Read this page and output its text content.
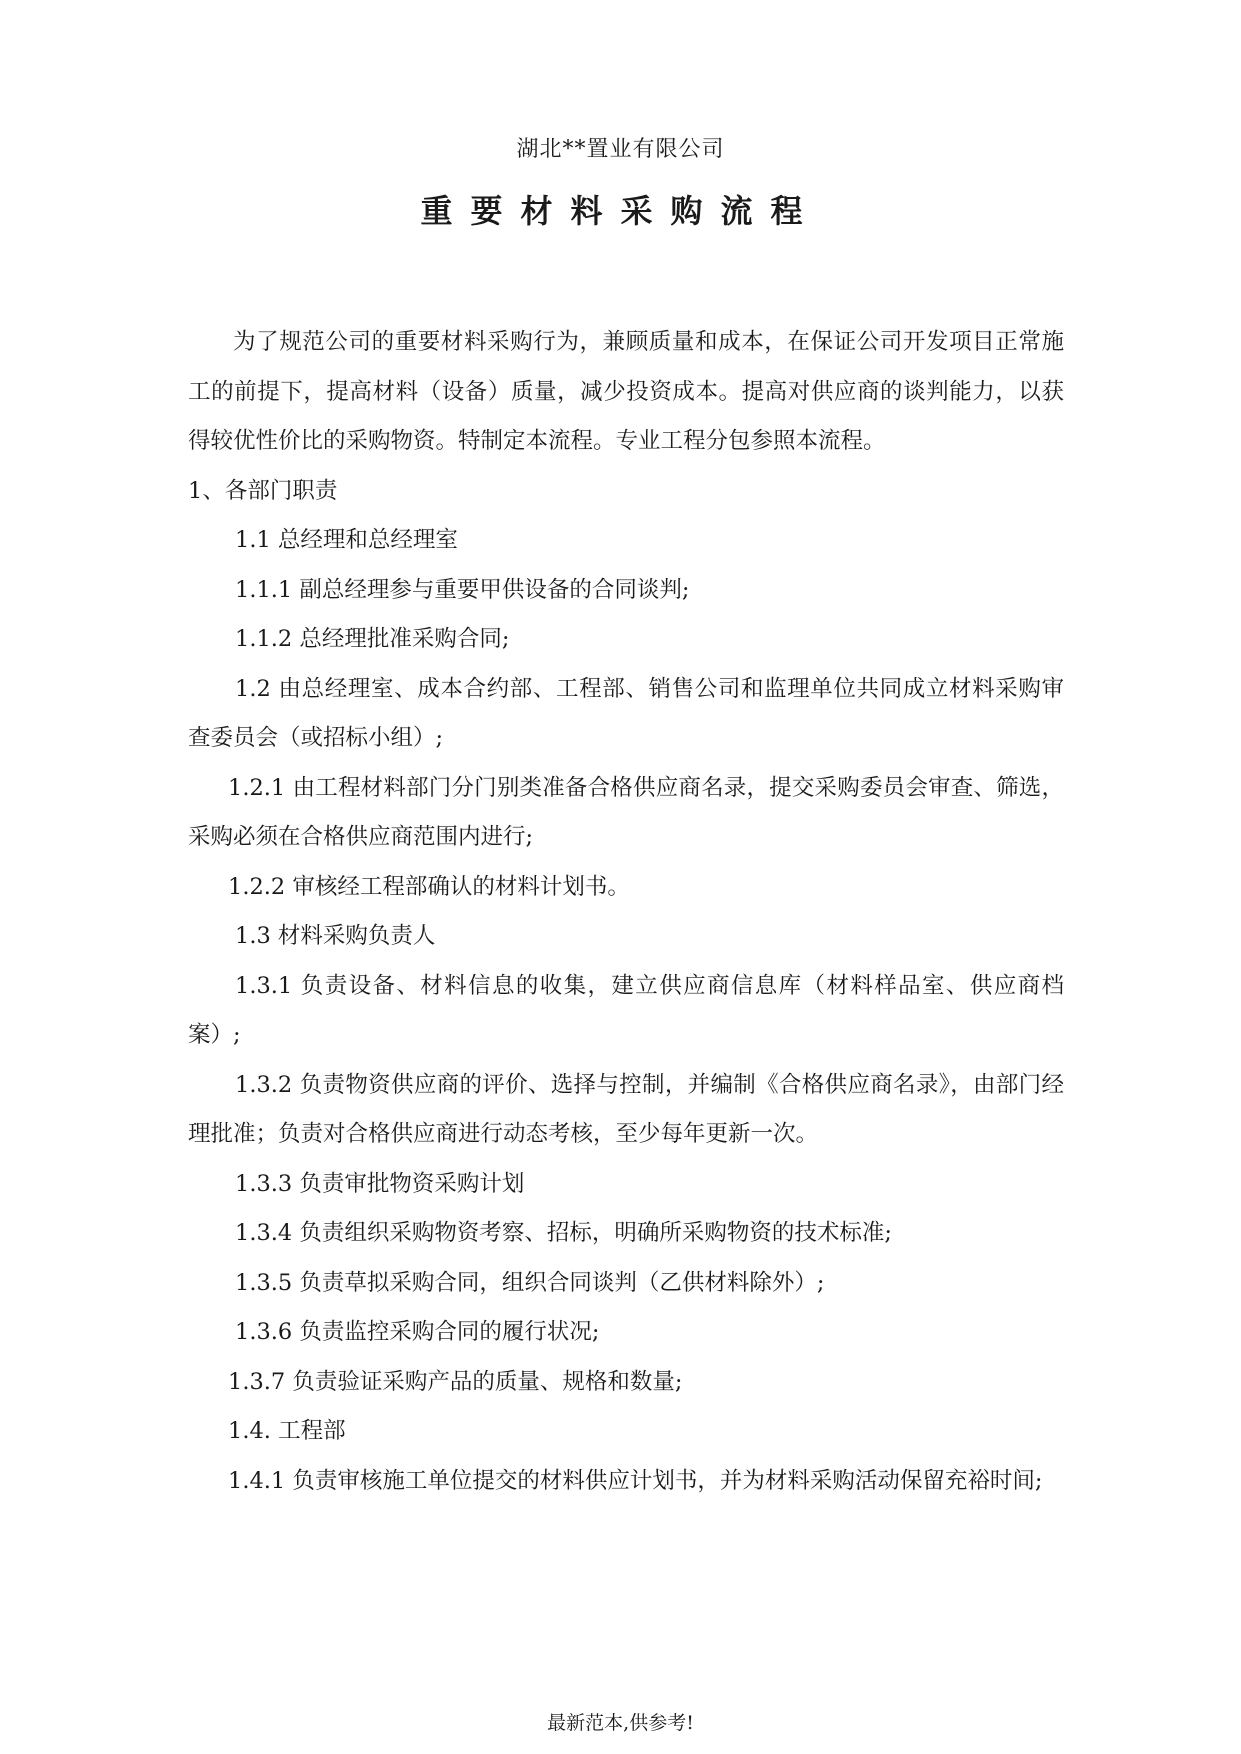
湖北**置业有限公司
重要材料采购流程

为了规范公司的重要材料采购行为，兼顾质量和成本，在保证公司开发项目正常施工的前提下，提高材料（设备）质量，减少投资成本。提高对供应商的谈判能力，以获得较优性价比的采购物资。特制定本流程。专业工程分包参照本流程。

1、各部门职责

1.1 总经理和总经理室

1.1.1 副总经理参与重要甲供设备的合同谈判;

1.1.2 总经理批准采购合同;

1.2 由总经理室、成本合约部、工程部、销售公司和监理单位共同成立材料采购审查委员会（或招标小组）;

1.2.1 由工程材料部门分门别类准备合格供应商名录，提交采购委员会审查、筛选，采购必须在合格供应商范围内进行;

1.2.2 审核经工程部确认的材料计划书。

1.3 材料采购负责人

1.3.1 负责设备、材料信息的收集，建立供应商信息库（材料样品室、供应商档案）;

1.3.2 负责物资供应商的评价、选择与控制，并编制《合格供应商名录》，由部门经理批准；负责对合格供应商进行动态考核，至少每年更新一次。

1.3.3 负责审批物资采购计划

1.3.4 负责组织采购物资考察、招标，明确所采购物资的技术标准;

1.3.5 负责草拟采购合同，组织合同谈判（乙供材料除外）;

1.3.6 负责监控采购合同的履行状况;

1.3.7 负责验证采购产品的质量、规格和数量;

1.4. 工程部

1.4.1 负责审核施工单位提交的材料供应计划书，并为材料采购活动保留充裕时间;

最新范本,供参考!
